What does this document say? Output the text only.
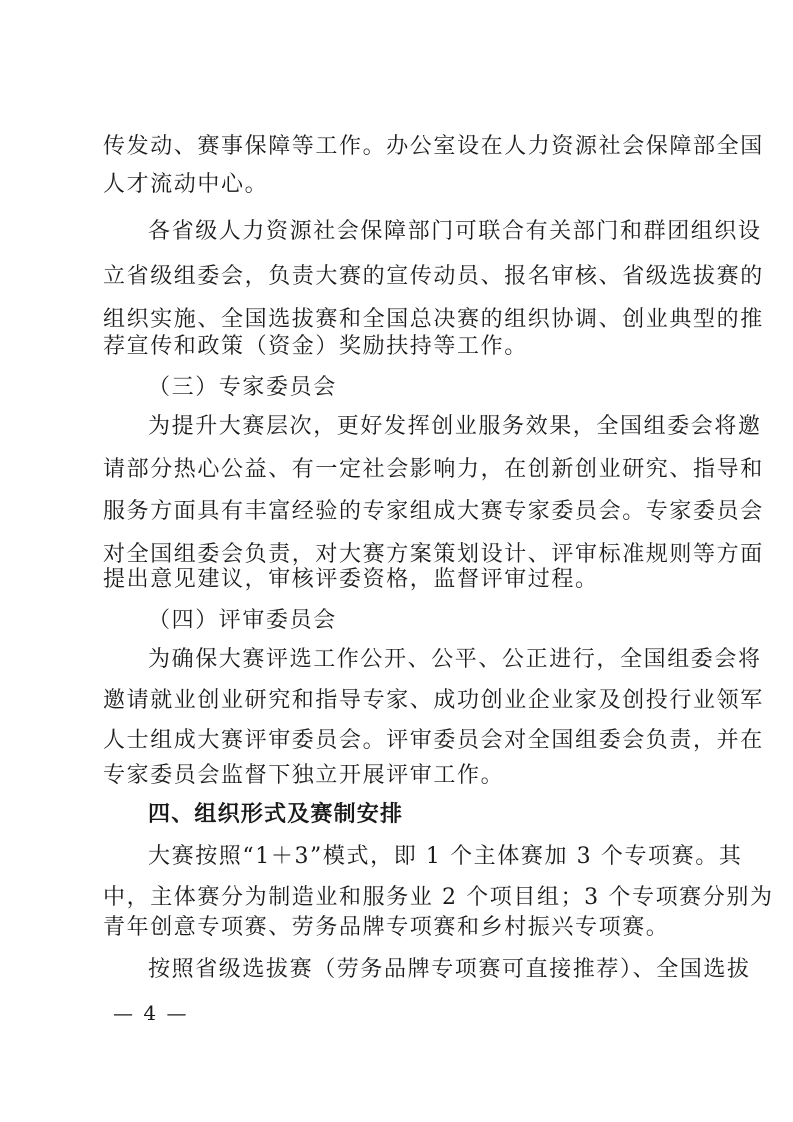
传发动、赛事保障等工作。办公室设在人力资源社会保障部全国
人才流动中心。
各省级人力资源社会保障部门可联合有关部门和群团组织设
立省级组委会，负责大赛的宣传动员、报名审核、省级选拔赛的
组织实施、全国选拔赛和全国总决赛的组织协调、创业典型的推
荐宣传和政策（资金）奖励扶持等工作。
（三）专家委员会
为提升大赛层次，更好发挥创业服务效果，全国组委会将邀
请部分热心公益、有一定社会影响力，在创新创业研究、指导和
服务方面具有丰富经验的专家组成大赛专家委员会。专家委员会
对全国组委会负责，对大赛方案策划设计、评审标准规则等方面
提出意见建议，审核评委资格，监督评审过程。
（四）评审委员会
为确保大赛评选工作公开、公平、公正进行，全国组委会将
邀请就业创业研究和指导专家、成功创业企业家及创投行业领军
人士组成大赛评审委员会。评审委员会对全国组委会负责，并在
专家委员会监督下独立开展评审工作。
四、组织形式及赛制安排
大赛按照“1＋3”模式，即 1 个主体赛加 3 个专项赛。其
中，主体赛分为制造业和服务业 2 个项目组；3 个专项赛分别为
青年创意专项赛、劳务品牌专项赛和乡村振兴专项赛。
按照省级选拔赛（劳务品牌专项赛可直接推荐）、全国选拔
— 4 —
